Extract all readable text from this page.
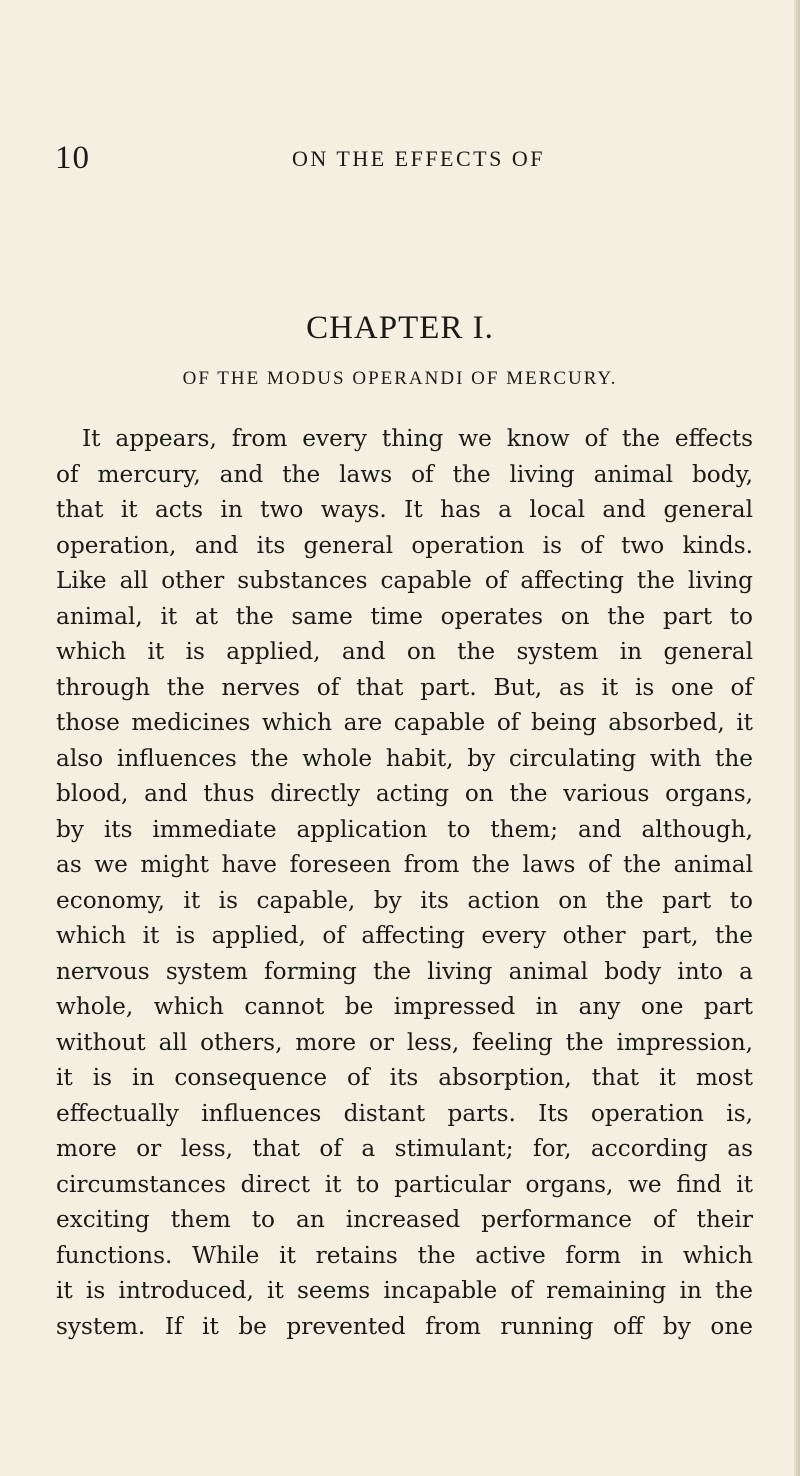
10	ON THE EFFECTS OF
CHAPTER I.
OF THE MODUS OPERANDI OF MERCURY.
It appears, from every thing we know of the effects
of mercury, and the laws of the living animal body,
that it acts in two ways. It has a local and general
operation, and its general operation is of two kinds.
Like all other substances capable of affecting the living
animal, it at the same time operates on the part to
which it is applied, and on the system in general
through the nerves of that part. But, as it is one of
those medicines which are capable of being absorbed, it
also influences the whole habit, by circulating with the
blood, and thus directly acting on the various organs,
by its immediate application to them; and although,
as we might have foreseen from the laws of the animal
economy, it is capable, by its action on the part to
which it is applied, of affecting every other part, the
nervous system forming the living animal body into a
whole, which cannot be impressed in any one part
without all others, more or less, feeling the impression,
it is in consequence of its absorption, that it most
effectually influences distant parts. Its operation is,
more or less, that of a stimulant; for, according as
circumstances direct it to particular organs, we find it
exciting them to an increased performance of their
functions. While it retains the active form in which
it is introduced, it seems incapable of remaining in the
system. If it be prevented from running off by one
